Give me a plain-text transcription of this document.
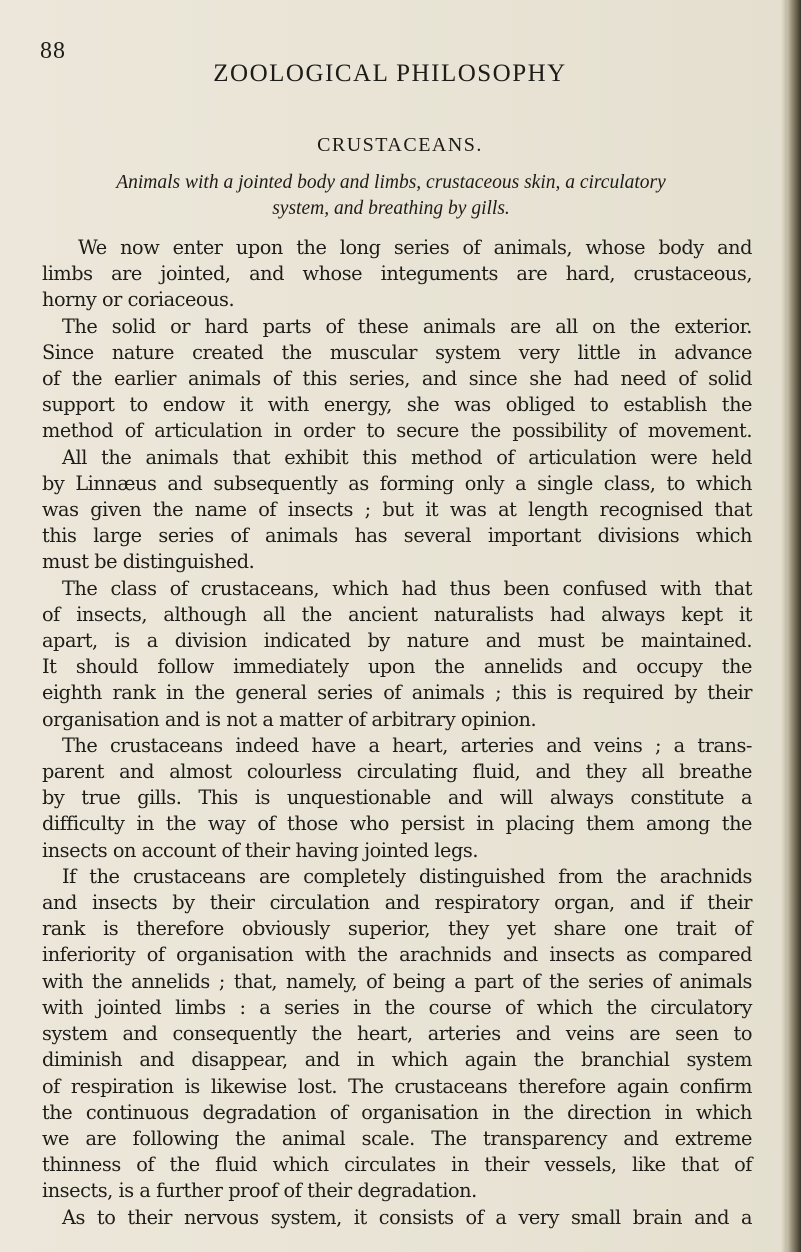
88
ZOOLOGICAL PHILOSOPHY
CRUSTACEANS.
Animals with a jointed body and limbs, crustaceous skin, a circulatory
system, and breathing by gills.
We now enter upon the long series of animals, whose body and
limbs are jointed, and whose integuments are hard, crustaceous,
horny or coriaceous.
The solid or hard parts of these animals are all on the exterior.
Since nature created the muscular system very little in advance
of the earlier animals of this series, and since she had need of solid
support to endow it with energy, she was obliged to establish the
method of articulation in order to secure the possibility of movement.
All the animals that exhibit this method of articulation were held
by Linnæus and subsequently as forming only a single class, to which
was given the name of insects ; but it was at length recognised that
this large series of animals has several important divisions which
must be distinguished.
The class of crustaceans, which had thus been confused with that
of insects, although all the ancient naturalists had always kept it
apart, is a division indicated by nature and must be maintained.
It should follow immediately upon the annelids and occupy the
eighth rank in the general series of animals ; this is required by their
organisation and is not a matter of arbitrary opinion.
The crustaceans indeed have a heart, arteries and veins ; a trans-
parent and almost colourless circulating fluid, and they all breathe
by true gills. This is unquestionable and will always constitute a
difficulty in the way of those who persist in placing them among the
insects on account of their having jointed legs.
If the crustaceans are completely distinguished from the arachnids
and insects by their circulation and respiratory organ, and if their
rank is therefore obviously superior, they yet share one trait of
inferiority of organisation with the arachnids and insects as compared
with the annelids ; that, namely, of being a part of the series of animals
with jointed limbs : a series in the course of which the circulatory
system and consequently the heart, arteries and veins are seen to
diminish and disappear, and in which again the branchial system
of respiration is likewise lost. The crustaceans therefore again confirm
the continuous degradation of organisation in the direction in which
we are following the animal scale. The transparency and extreme
thinness of the fluid which circulates in their vessels, like that of
insects, is a further proof of their degradation.
As to their nervous system, it consists of a very small brain and a
